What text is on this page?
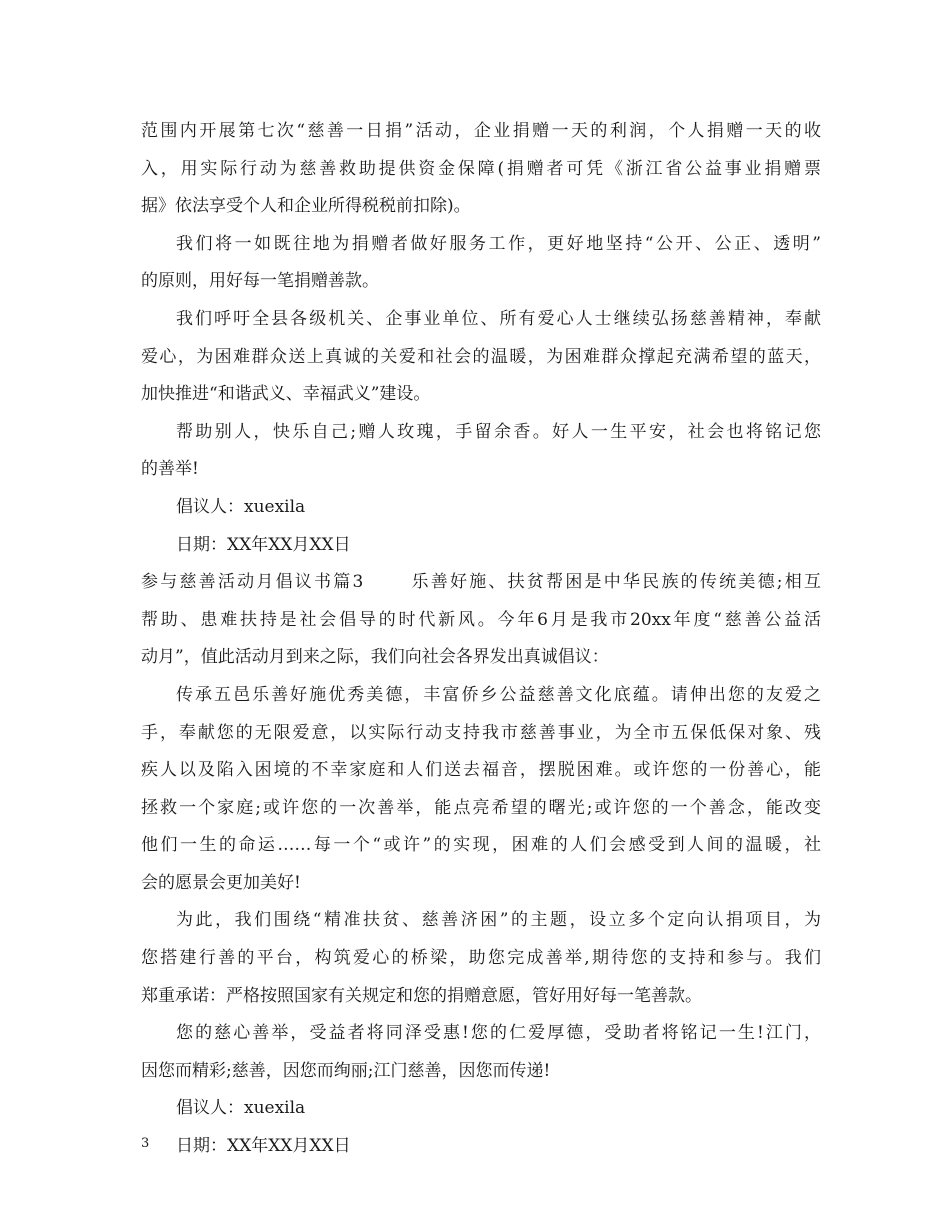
范围内开展第七次“慈善一日捐”活动，企业捐赠一天的利润，个人捐赠一天的收
入，用实际行动为慈善救助提供资金保障(捐赠者可凭《浙江省公益事业捐赠票
据》依法享受个人和企业所得税税前扣除)。
我们将一如既往地为捐赠者做好服务工作，更好地坚持“公开、公正、透明”
的原则，用好每一笔捐赠善款。
我们呼吁全县各级机关、企事业单位、所有爱心人士继续弘扬慈善精神，奉献
爱心，为困难群众送上真诚的关爱和社会的温暖，为困难群众撑起充满希望的蓝天，
加快推进“和谐武义、幸福武义”建设。
帮助别人，快乐自己;赠人玫瑰，手留余香。好人一生平安，社会也将铭记您
的善举!
倡议人：xuexila
日期：XX年XX月XX日
参与慈善活动月倡议书篇3	乐善好施、扶贫帮困是中华民族的传统美德;相互
帮助、患难扶持是社会倡导的时代新风。今年6月是我市20xx年度“慈善公益活
动月”，值此活动月到来之际，我们向社会各界发出真诚倡议：
传承五邑乐善好施优秀美德，丰富侨乡公益慈善文化底蕴。请伸出您的友爱之
手，奉献您的无限爱意，以实际行动支持我市慈善事业，为全市五保低保对象、残
疾人以及陷入困境的不幸家庭和人们送去福音，摆脱困难。或许您的一份善心，能
拯救一个家庭;或许您的一次善举，能点亮希望的曙光;或许您的一个善念，能改变
他们一生的命运……每一个“或许”的实现，困难的人们会感受到人间的温暖，社
会的愿景会更加美好!
为此，我们围绕“精准扶贫、慈善济困”的主题，设立多个定向认捐项目，为
您搭建行善的平台，构筑爱心的桥梁，助您完成善举,期待您的支持和参与。我们
郑重承诺：严格按照国家有关规定和您的捐赠意愿，管好用好每一笔善款。
您的慈心善举，受益者将同泽受惠!您的仁爱厚德，受助者将铭记一生!江门，
因您而精彩;慈善，因您而绚丽;江门慈善，因您而传递!
倡议人：xuexila
日期：XX年XX月XX日
3
